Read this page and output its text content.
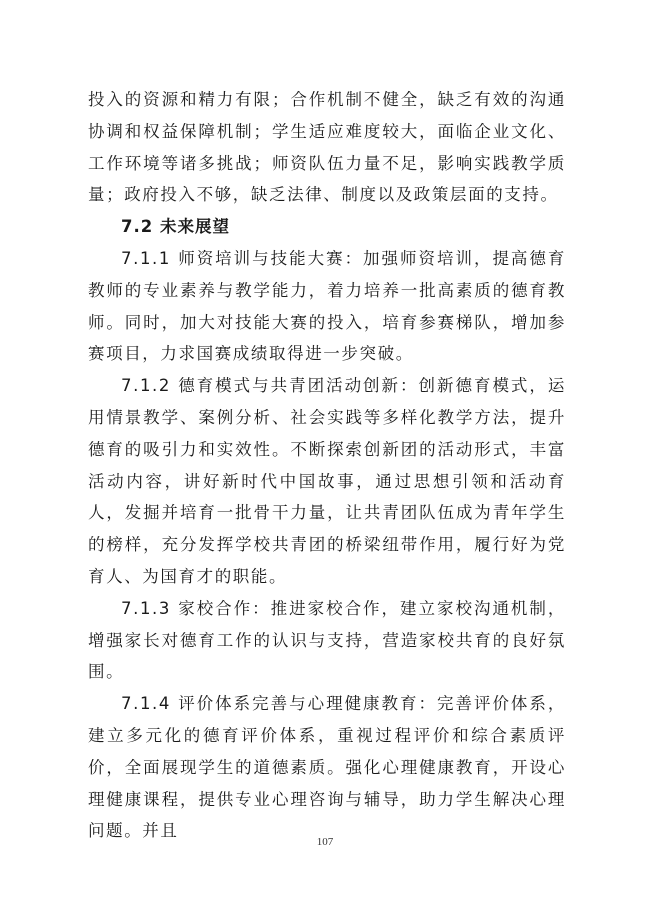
投入的资源和精力有限；合作机制不健全，缺乏有效的沟通协调和权益保障机制；学生适应难度较大，面临企业文化、工作环境等诸多挑战；师资队伍力量不足，影响实践教学质量；政府投入不够，缺乏法律、制度以及政策层面的支持。

7.2 未来展望

7.1.1 师资培训与技能大赛：加强师资培训，提高德育教师的专业素养与教学能力，着力培养一批高素质的德育教师。同时，加大对技能大赛的投入，培育参赛梯队，增加参赛项目，力求国赛成绩取得进一步突破。

7.1.2 德育模式与共青团活动创新：创新德育模式，运用情景教学、案例分析、社会实践等多样化教学方法，提升德育的吸引力和实效性。不断探索创新团的活动形式，丰富活动内容，讲好新时代中国故事，通过思想引领和活动育人，发掘并培育一批骨干力量，让共青团队伍成为青年学生的榜样，充分发挥学校共青团的桥梁纽带作用，履行好为党育人、为国育才的职能。

7.1.3 家校合作：推进家校合作，建立家校沟通机制，增强家长对德育工作的认识与支持，营造家校共育的良好氛围。

7.1.4 评价体系完善与心理健康教育：完善评价体系，建立多元化的德育评价体系，重视过程评价和综合素质评价，全面展现学生的道德素质。强化心理健康教育，开设心理健康课程，提供专业心理咨询与辅导，助力学生解决心理问题。并且

107
